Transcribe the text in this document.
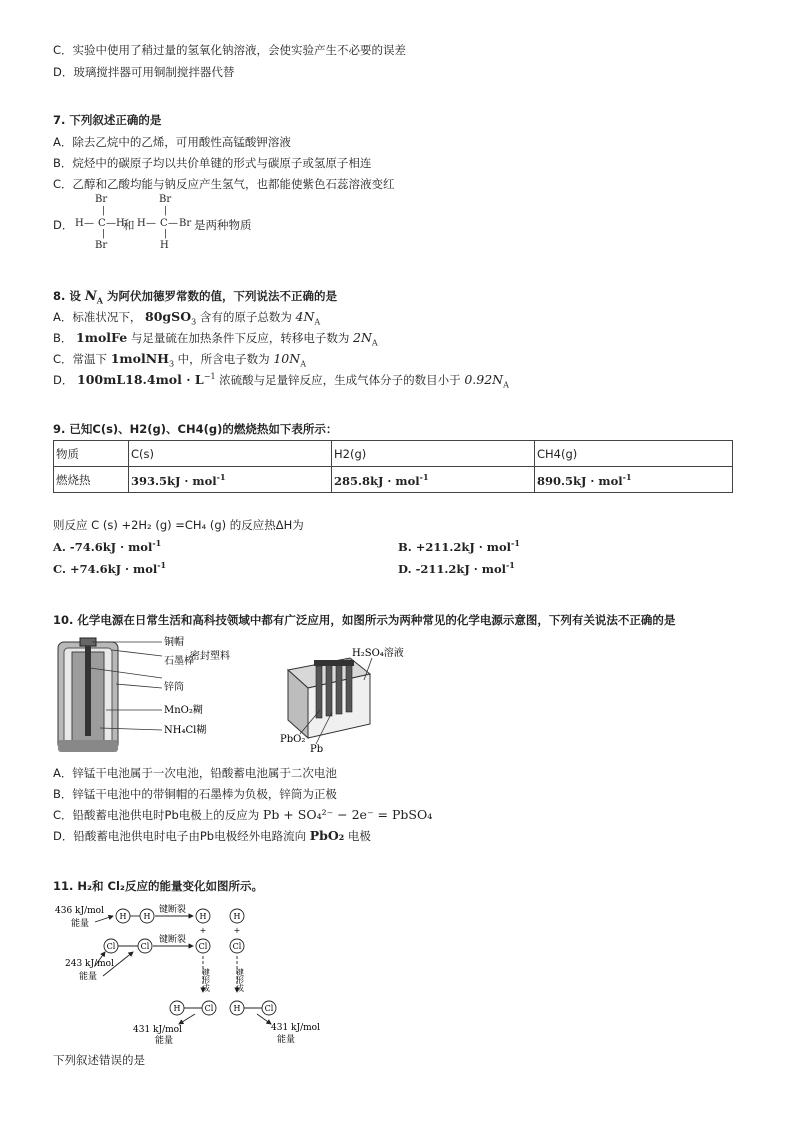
C．实验中使用了稍过量的氢氧化钠溶液，会使实验产生不必要的误差
D．玻璃搅拌器可用铜制搅拌器代替
7. 下列叙述正确的是
A．除去乙烷中的乙烯，可用酸性高锰酸钾溶液
B．烷烃中的碳原子均以共价单键的形式与碳原子或氢原子相连
C．乙醇和乙酸均能与钠反应产生氢气，也都能使紫色石蕊溶液变红
D．
Br
|
H — C — H
|
Br
和
Br
|
H — C — Br
|
H
是两种物质
8. 设 $N_A$ 为阿伏加德罗常数的值，下列说法不正确的是
A．标准状况下， 80gSO$_3$ 含有的原子总数为 $4N_A$
B． 1molFe 与足量硫在加热条件下反应，转移电子数为 $2N_A$
C．常温下 1molNH$_3$ 中，所含电子数为 $10N_A$
D． $100mL18.4mol \cdot L^{-1}$ 浓硫酸与足量锌反应，生成气体分子的数目小于 $0.92N_A$
9. 已知C(s)、H2(g)、CH4(g)的燃烧热如下表所示：
物质	C(s)	H2(g)	CH4(g)
燃烧热	393.5kJ · mol$^{-1}$	285.8kJ · mol$^{-1}$	890.5kJ · mol$^{-1}$
则反应 C (s) +2H₂ (g) =CH₄ (g) 的反应热ΔH为
A. -74.6kJ · mol$^{-1}$	B. +211.2kJ · mol$^{-1}$
C. +74.6kJ · mol$^{-1}$	D. -211.2kJ · mol$^{-1}$
10. 化学电源在日常生活和高科技领域中都有广泛应用，如图所示为两种常见的化学电源示意图，下列有关说法不正确的是
铜帽
密封塑料
石墨棒
锌筒
MnO₂糊
NH₄Cl糊
H₂SO₄溶液
PbO₂
Pb
A．锌锰干电池属于一次电池，铅酸蓄电池属于二次电池
B．锌锰干电池中的带铜帽的石墨棒为负极，锌筒为正极
C．铅酸蓄电池供电时Pb电极上的反应为 Pb + SO₄²⁻ − 2e⁻ = PbSO₄
D．铅酸蓄电池供电时电子由Pb电极经外电路流向 PbO₂ 电极
11. H₂和 Cl₂反应的能量变化如图所示。
H H	H	H
+	+
Cl	Cl	Cl	Cl
H	Cl	H	Cl
436 kJ/mol
能量
243 kJ/mol
能量
键断裂
键断裂
431 kJ/mol
能量
431 kJ/mol
能量
键形成	键形成
下列叙述错误的是
